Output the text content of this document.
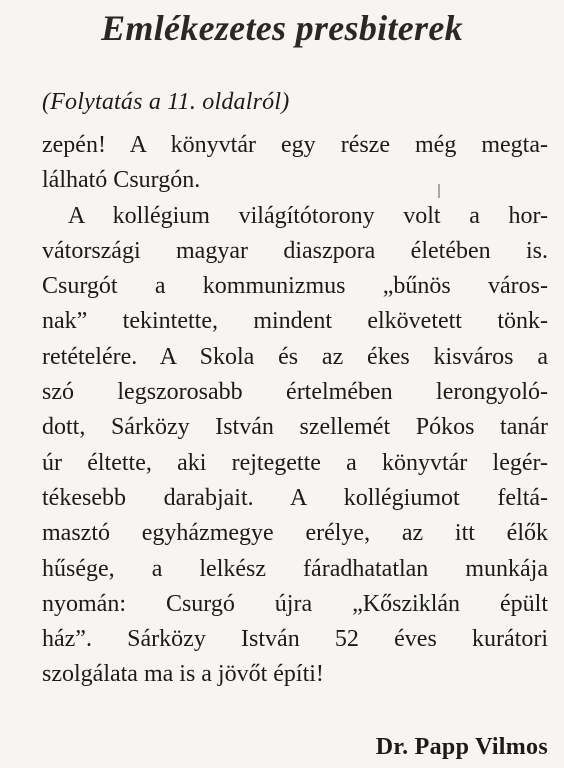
Emlékezetes presbiterek
(Folytatás a 11. oldalról)
zepén! A könyvtár egy része még megta-
lálható Csurgón.
A kollégium világítótorony volt a hor-
vátországi magyar diaszpora életében is.
Csurgót a kommunizmus „bűnös város-
nak” tekintette, mindent elkövetett tönk-
retételére. A Skola és az ékes kisváros a
szó legszorosabb értelmében lerongyoló-
dott, Sárközy István szellemét Pókos tanár
úr éltette, aki rejtegette a könyvtár legér-
tékesebb darabjait. A kollégiumot feltá-
masztó egyházmegye erélye, az itt élők
hűsége, a lelkész fáradhatatlan munkája
nyomán: Csurgó újra „Kősziklán épült
ház”. Sárközy István 52 éves kurátori
szolgálata ma is a jövőt építi!
Dr. Papp Vilmos
